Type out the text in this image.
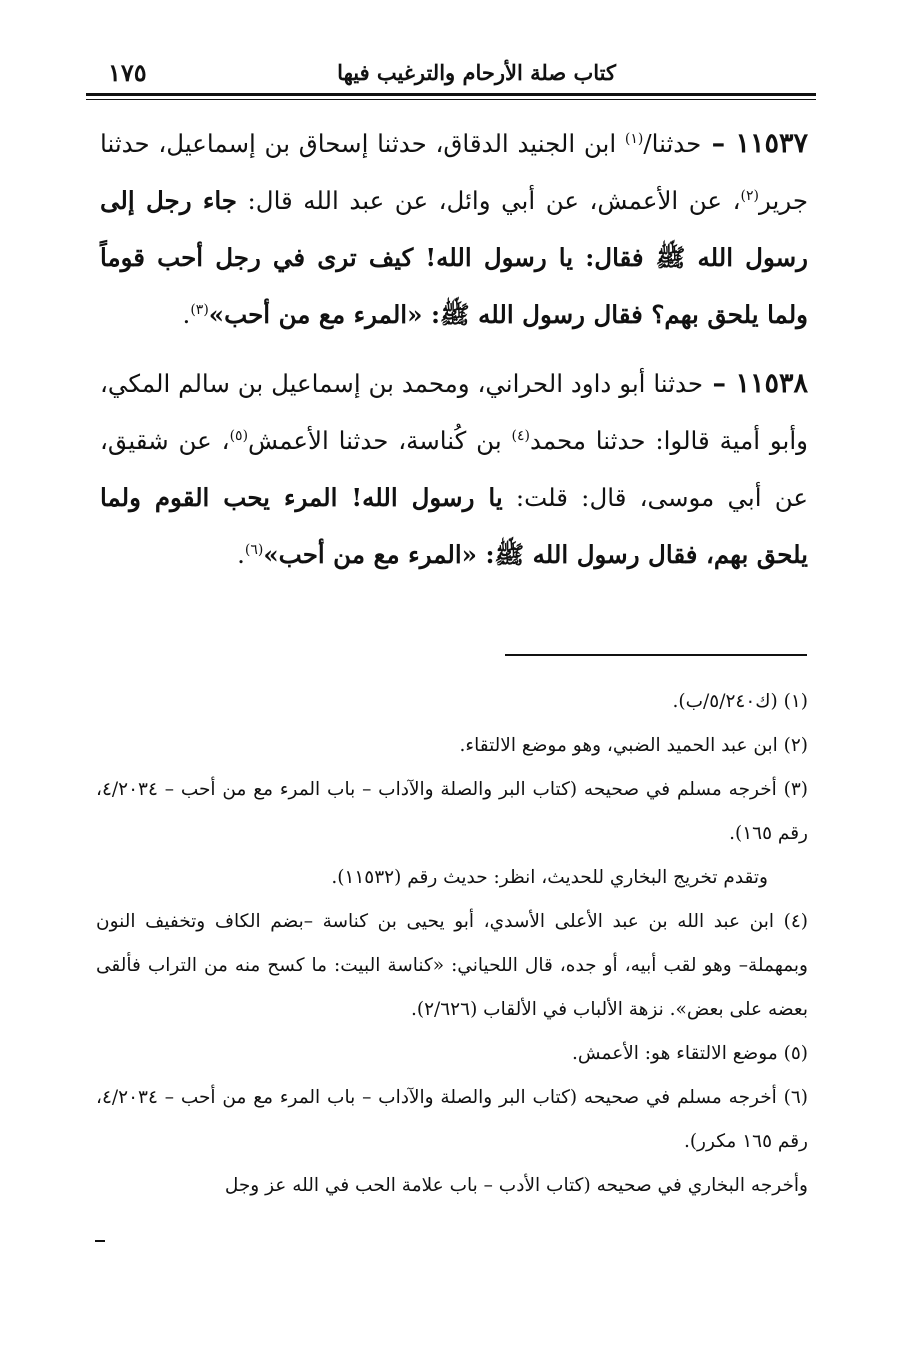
كتاب صلة الأرحام والترغيب فيها
١٧٥

١١٥٣٧ – حدثنا/$^{(١)}$ ابن الجنيد الدقاق، حدثنا إسحاق بن إسماعيل، حدثنا جرير$^{(٢)}$، عن الأعمش، عن أبي وائل، عن عبد الله قال: جاء رجل إلى رسول الله ﷺ فقال: يا رسول الله! كيف ترى في رجل أحب قوماً ولما يلحق بهم؟ فقال رسول الله ﷺ: «المرء مع من أحب»$^{(٣)}$.

١١٥٣٨ – حدثنا أبو داود الحراني، ومحمد بن إسماعيل بن سالم المكي، وأبو أمية قالوا: حدثنا محمد$^{(٤)}$ بن كُناسة، حدثنا الأعمش$^{(٥)}$، عن شقيق، عن أبي موسى، قال: قلت: يا رسول الله! المرء يحب القوم ولما يلحق بهم، فقال رسول الله ﷺ: «المرء مع من أحب»$^{(٦)}$.

(١) (ك٥/٢٤٠/ب).

(٢) ابن عبد الحميد الضبي، وهو موضع الالتقاء.

(٣) أخرجه مسلم في صحيحه (كتاب البر والصلة والآداب – باب المرء مع من أحب – ٤/٢٠٣٤، رقم ١٦٥).

وتقدم تخريج البخاري للحديث، انظر: حديث رقم (١١٥٣٢).

(٤) ابن عبد الله بن عبد الأعلى الأسدي، أبو يحيى بن كناسة –بضم الكاف وتخفيف النون وبمهملة– وهو لقب أبيه، أو جده، قال اللحياني: «كناسة البيت: ما كسح منه من التراب فألقى بعضه على بعض». نزهة الألباب في الألقاب (٢/٦٢٦).

(٥) موضع الالتقاء هو: الأعمش.

(٦) أخرجه مسلم في صحيحه (كتاب البر والصلة والآداب – باب المرء مع من أحب – ٤/٢٠٣٤، رقم ١٦٥ مكرر).

وأخرجه البخاري في صحيحه (كتاب الأدب – باب علامة الحب في الله عز وجل
